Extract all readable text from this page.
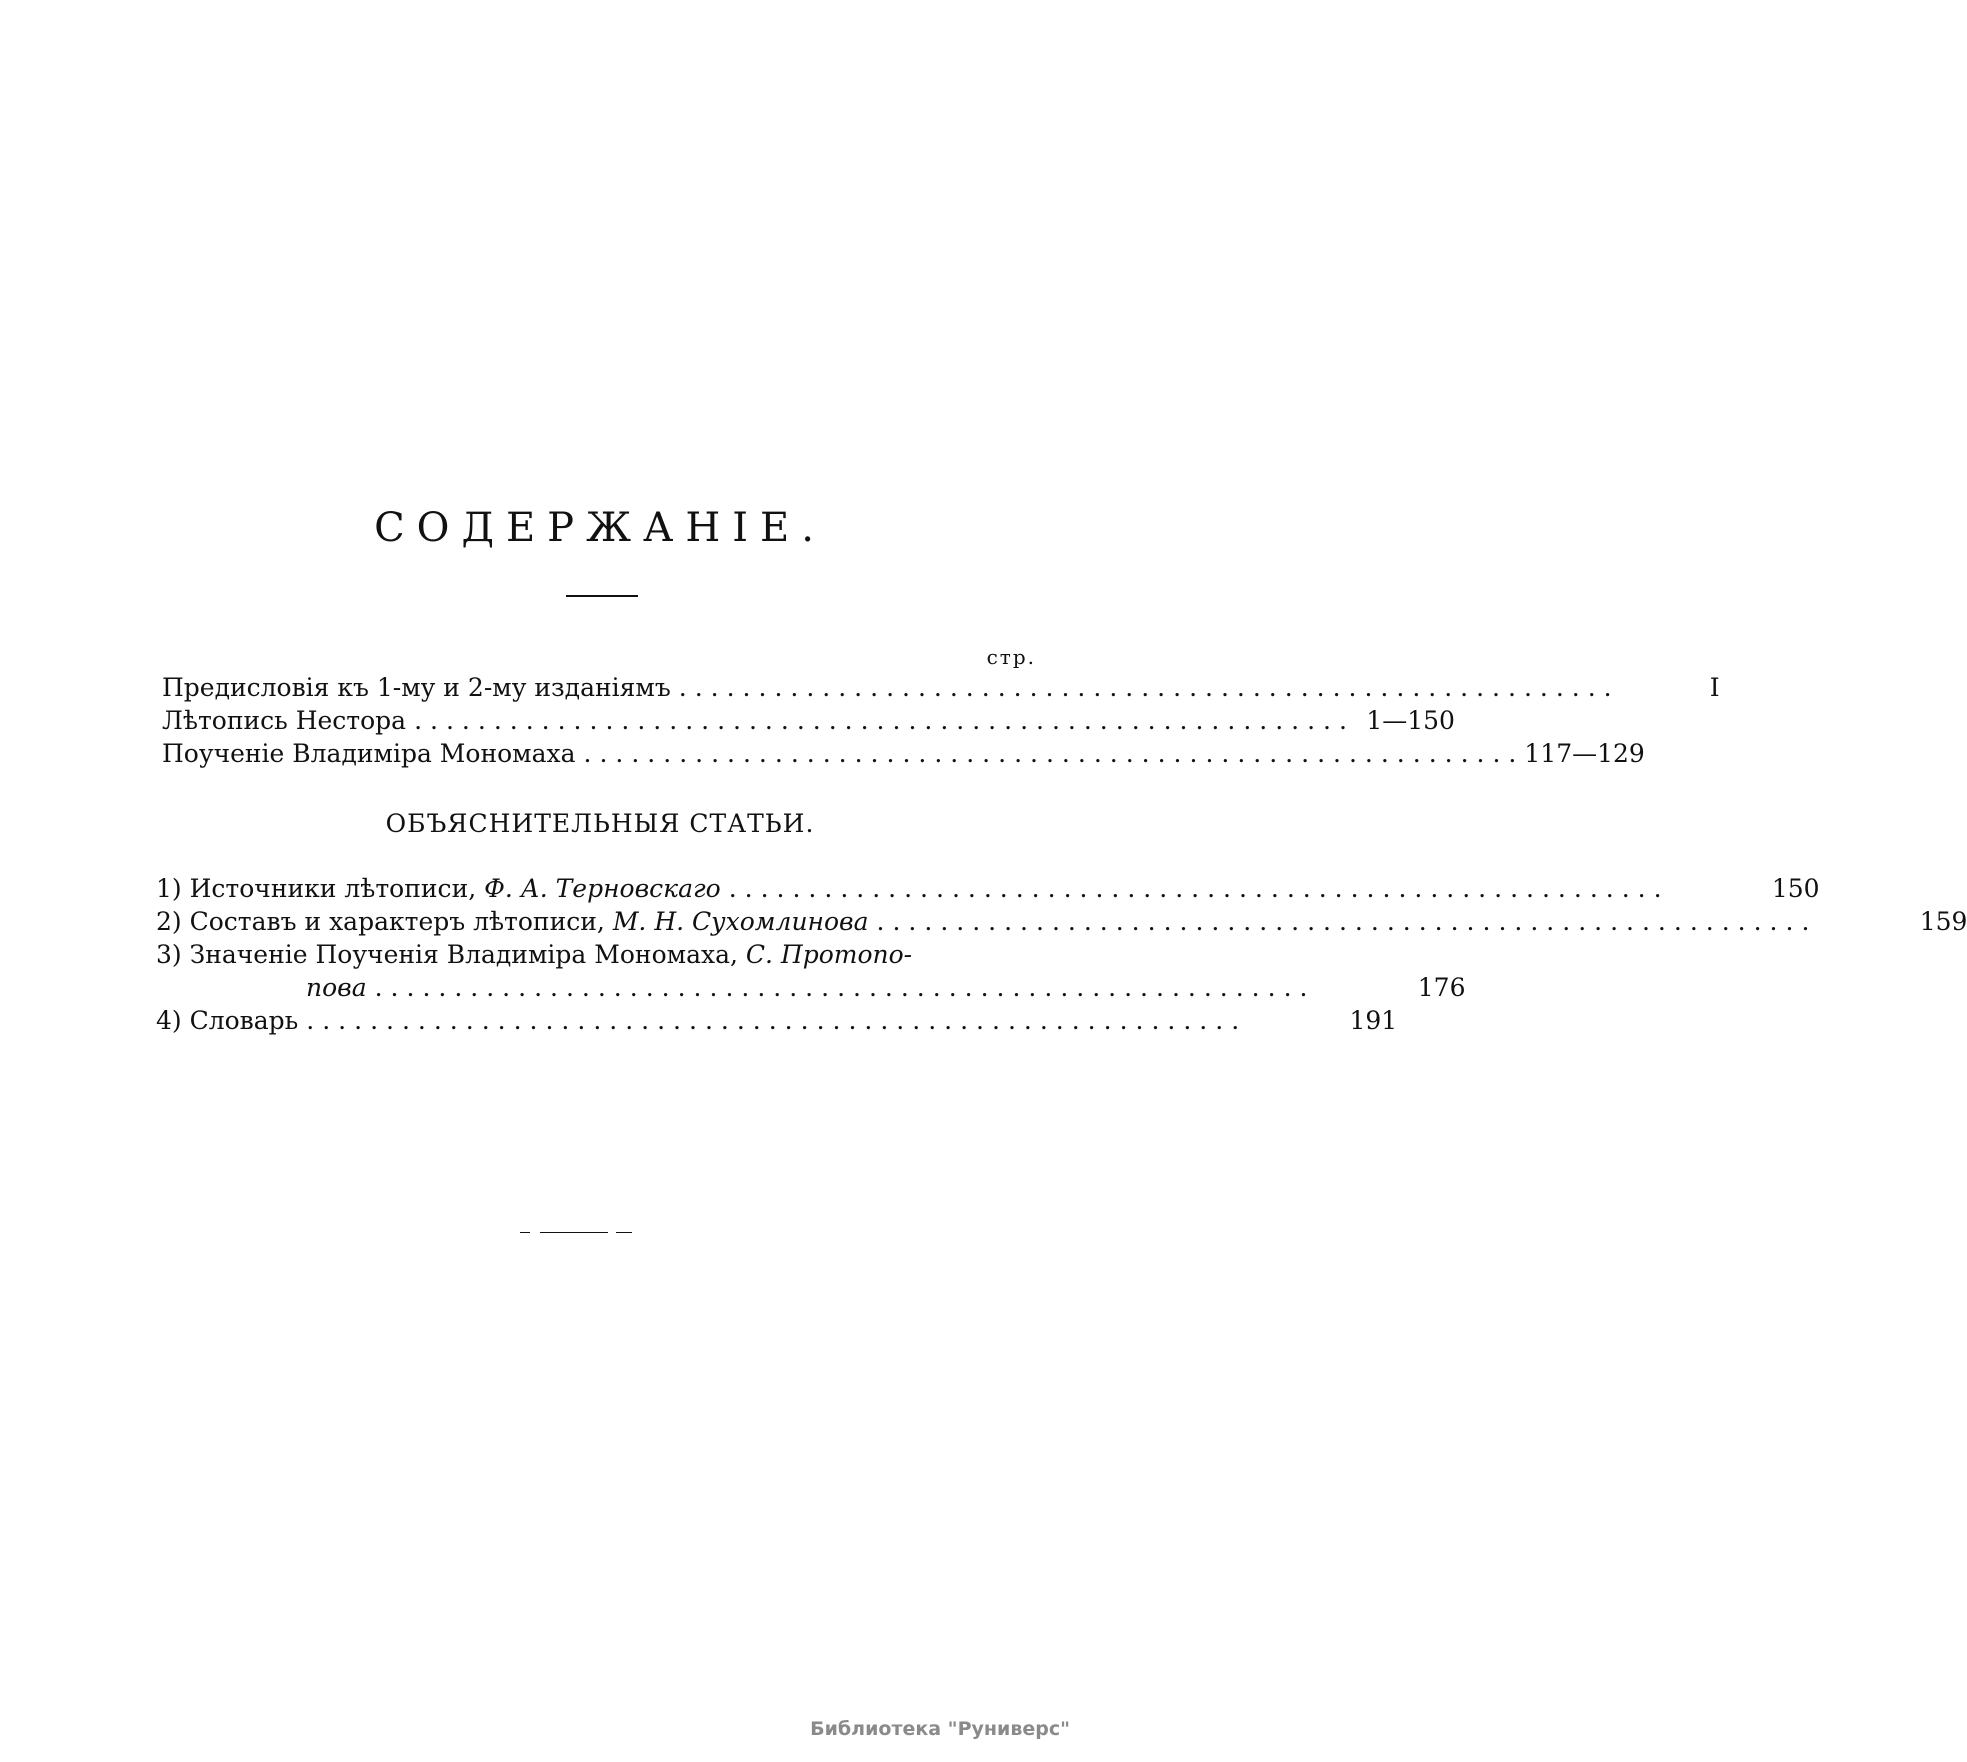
СОДЕРЖАНІЕ.
стр.
Предисловія къ 1-му и 2-му изданіямъ ...........................................................	I
Лѣтопись Нестора ........................................................... 1—150
Поученіе Владиміра Мономаха ........................................................... 117—129
ОБЪЯСНИТЕЛЬНЫЯ СТАТЬИ.
1) Источники лѣтописи, Ф. А. Терновскаго ...........................................................	150
2) Составъ и характеръ лѣтописи, М. Н. Сухомлинова ...........................................................	159
3) Значеніе Поученія Владиміра Мономаха, С. Протопо-
пова ...........................................................	176
4) Словарь ...........................................................	191
Библиотека "Руниверс"
